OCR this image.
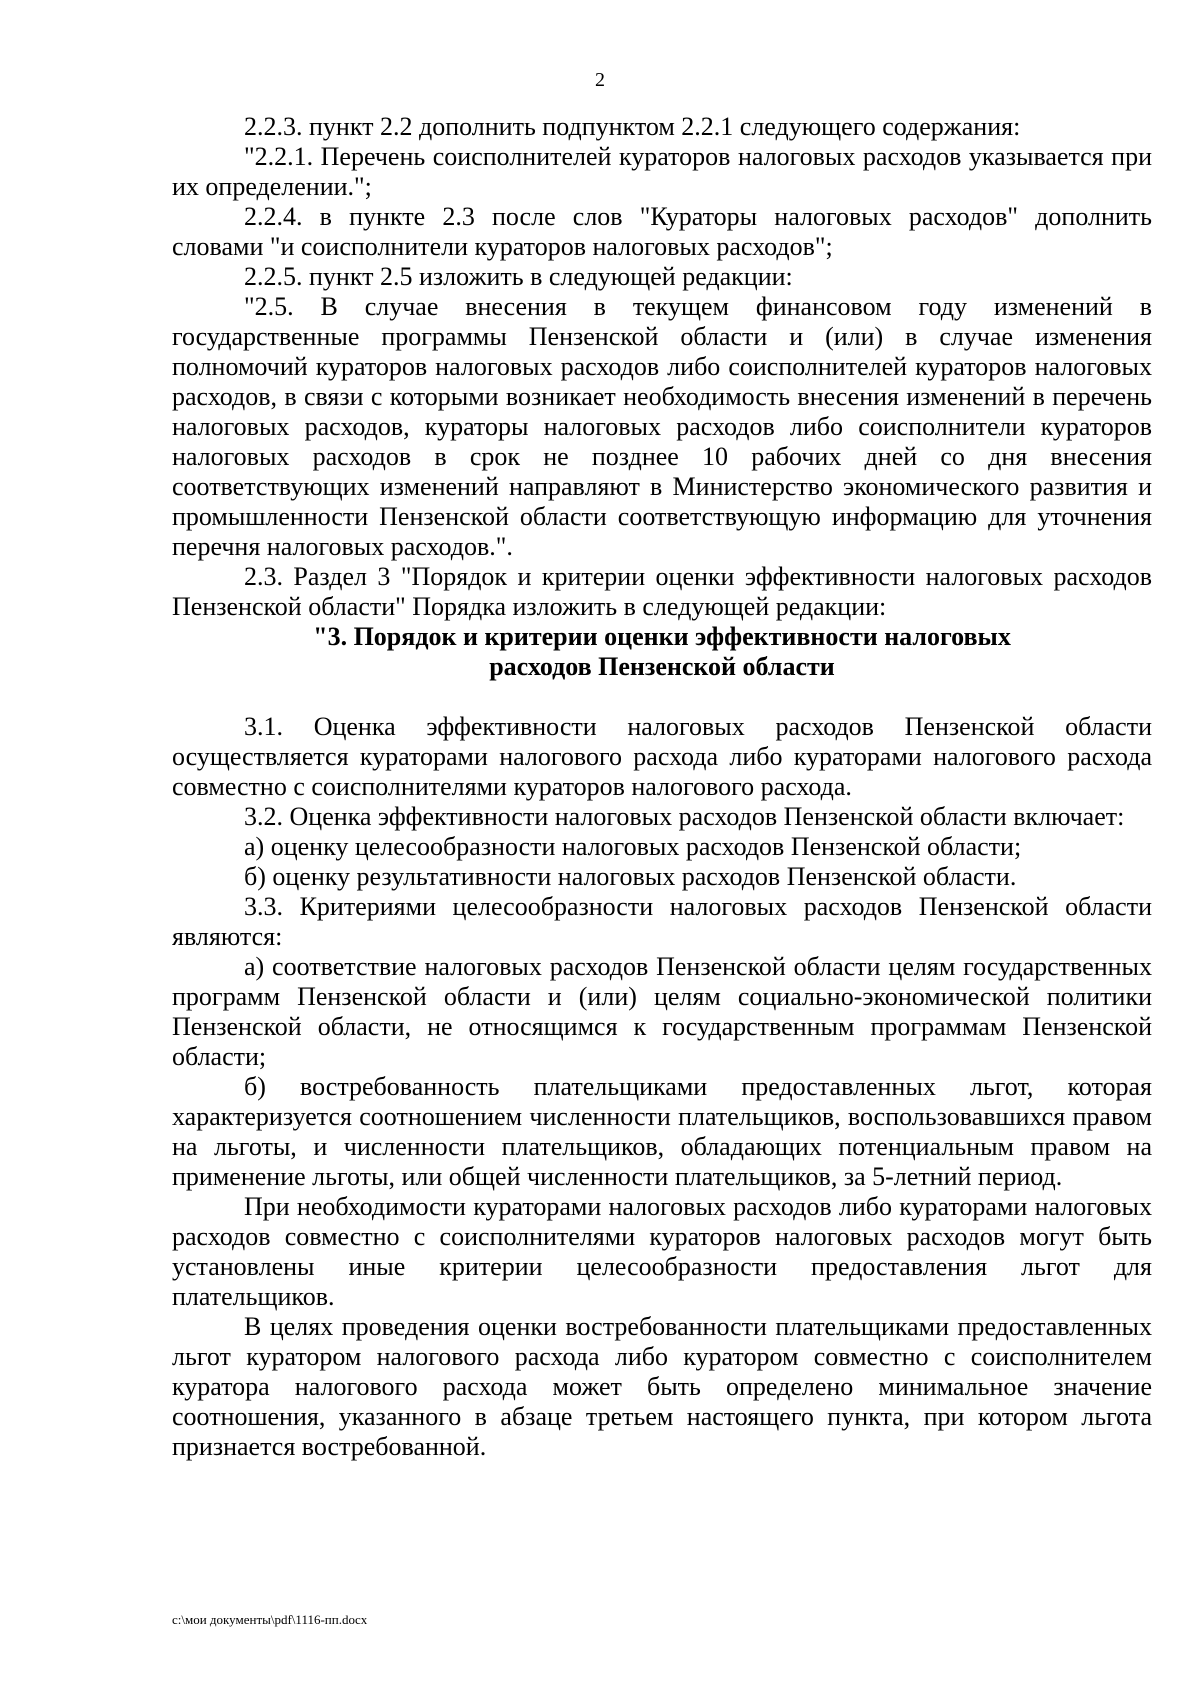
2

2.2.3. пункт 2.2 дополнить подпунктом 2.2.1 следующего содержания:

"2.2.1. Перечень соисполнителей кураторов налоговых расходов указывается при их определении.";

2.2.4. в пункте 2.3 после слов "Кураторы налоговых расходов" дополнить словами "и соисполнители кураторов налоговых расходов";

2.2.5. пункт 2.5 изложить в следующей редакции:

"2.5. В случае внесения в текущем финансовом году изменений в государственные программы Пензенской области и (или) в случае изменения полномочий кураторов налоговых расходов либо соисполнителей кураторов налоговых расходов, в связи с которыми возникает необходимость внесения изменений в перечень налоговых расходов, кураторы налоговых расходов либо соисполнители кураторов налоговых расходов в срок не позднее 10 рабочих дней со дня внесения соответствующих изменений направляют в Министерство экономического развития и промышленности Пензенской области соответствующую информацию для уточнения перечня налоговых расходов.".

2.3. Раздел 3 "Порядок и критерии оценки эффективности налоговых расходов Пензенской области" Порядка изложить в следующей редакции:

"3. Порядок и критерии оценки эффективности налоговых

расходов Пензенской области

3.1. Оценка эффективности налоговых расходов Пензенской области осуществляется кураторами налогового расхода либо кураторами налогового расхода совместно с соисполнителями кураторов налогового расхода.

3.2. Оценка эффективности налоговых расходов Пензенской области включает:

а) оценку целесообразности налоговых расходов Пензенской области;

б) оценку результативности налоговых расходов Пензенской области.

3.3. Критериями целесообразности налоговых расходов Пензенской области являются:

а) соответствие налоговых расходов Пензенской области целям государственных программ Пензенской области и (или) целям социально-экономической политики Пензенской области, не относящимся к государственным программам Пензенской области;

б) востребованность плательщиками предоставленных льгот, которая характеризуется соотношением численности плательщиков, воспользовавшихся правом на льготы, и численности плательщиков, обладающих потенциальным правом на применение льготы, или общей численности плательщиков, за 5-летний период.

При необходимости кураторами налоговых расходов либо кураторами налоговых расходов совместно с соисполнителями кураторов налоговых расходов могут быть установлены иные критерии целесообразности предоставления льгот для плательщиков.

В целях проведения оценки востребованности плательщиками предоставленных льгот куратором налогового расхода либо куратором совместно с соисполнителем куратора налогового расхода может быть определено минимальное значение соотношения, указанного в абзаце третьем настоящего пункта, при котором льгота признается востребованной.

c:\мои документы\pdf\1116-пп.docx
